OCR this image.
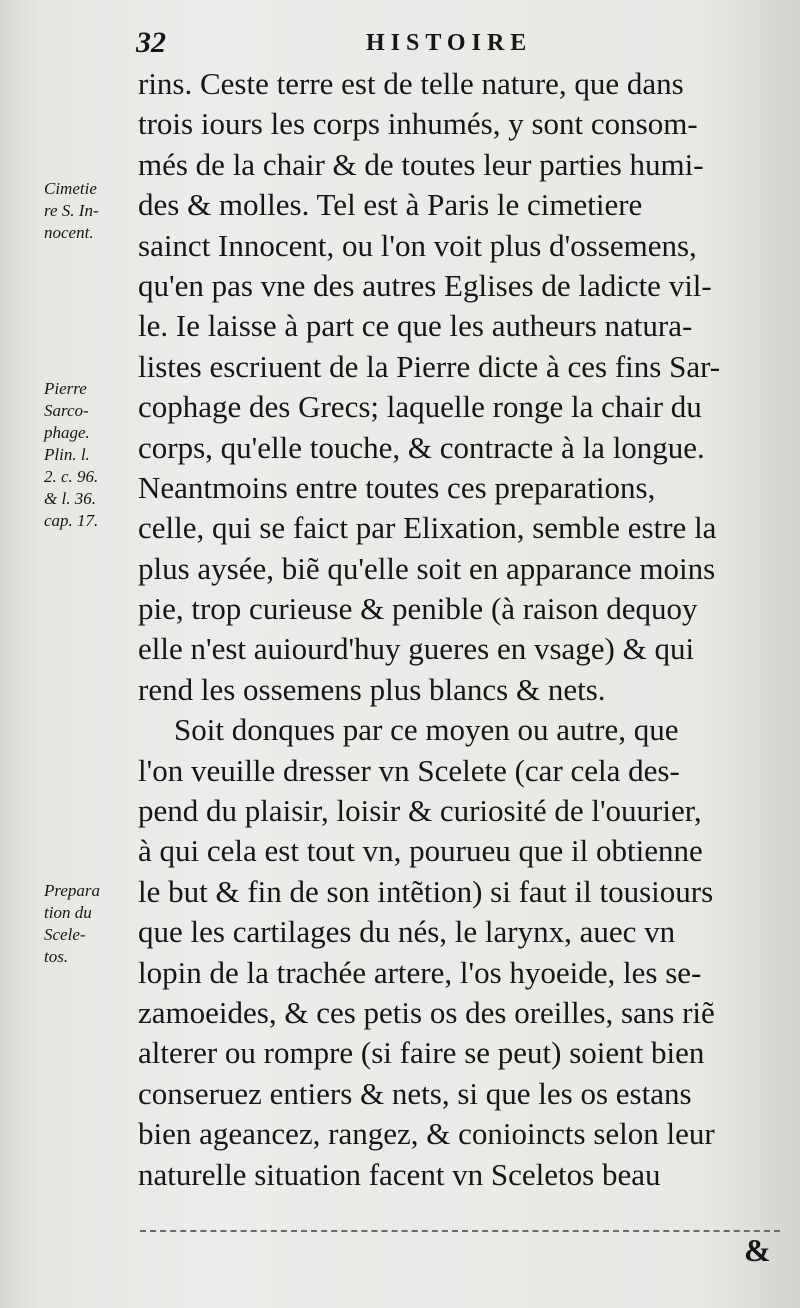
32	HISTOIRE
rins. Ceste terre est de telle nature, que dans
trois iours les corps inhumés, y sont consom-
més de la chair & de toutes leur parties humi-
des & molles. Tel est à Paris le cimetiere
sainct Innocent, ou l'on voit plus d'ossemens,
qu'en pas vne des autres Eglises de ladicte vil-
le. Ie laisse à part ce que les autheurs natura-
listes escriuent de la Pierre dicte à ces fins Sar-
cophage des Grecs; laquelle ronge la chair du
corps, qu'elle touche, & contracte à la longue.
Neantmoins entre toutes ces preparations,
celle, qui se faict par Elixation, semble estre la
plus aysée, biẽ qu'elle soit en apparance moins
pie, trop curieuse & penible (à raison dequoy
elle n'est auiourd'huy gueres en vsage) & qui
rend les ossemens plus blancs & nets.
Soit donques par ce moyen ou autre, que
l'on veuille dresser vn Scelete (car cela des-
pend du plaisir, loisir & curiosité de l'ouurier,
à qui cela est tout vn, pourueu que il obtienne
le but & fin de son intẽtion) si faut il tousiours
que les cartilages du nés, le larynx, auec vn
lopin de la trachée artere, l'os hyoeide, les se-
zamoeides, & ces petis os des oreilles, sans riẽ
alterer ou rompre (si faire se peut) soient bien
conseruez entiers & nets, si que les os estans
bien ageancez, rangez, & conioincts selon leur
naturelle situation facent vn Sceletos beau
Cimetie
re S. In-
nocent.
Pierre
Sarco-
phage.
Plin. l.
2. c. 96.
& l. 36.
cap. 17.
Prepara
tion du
Scele-
tos.
&
